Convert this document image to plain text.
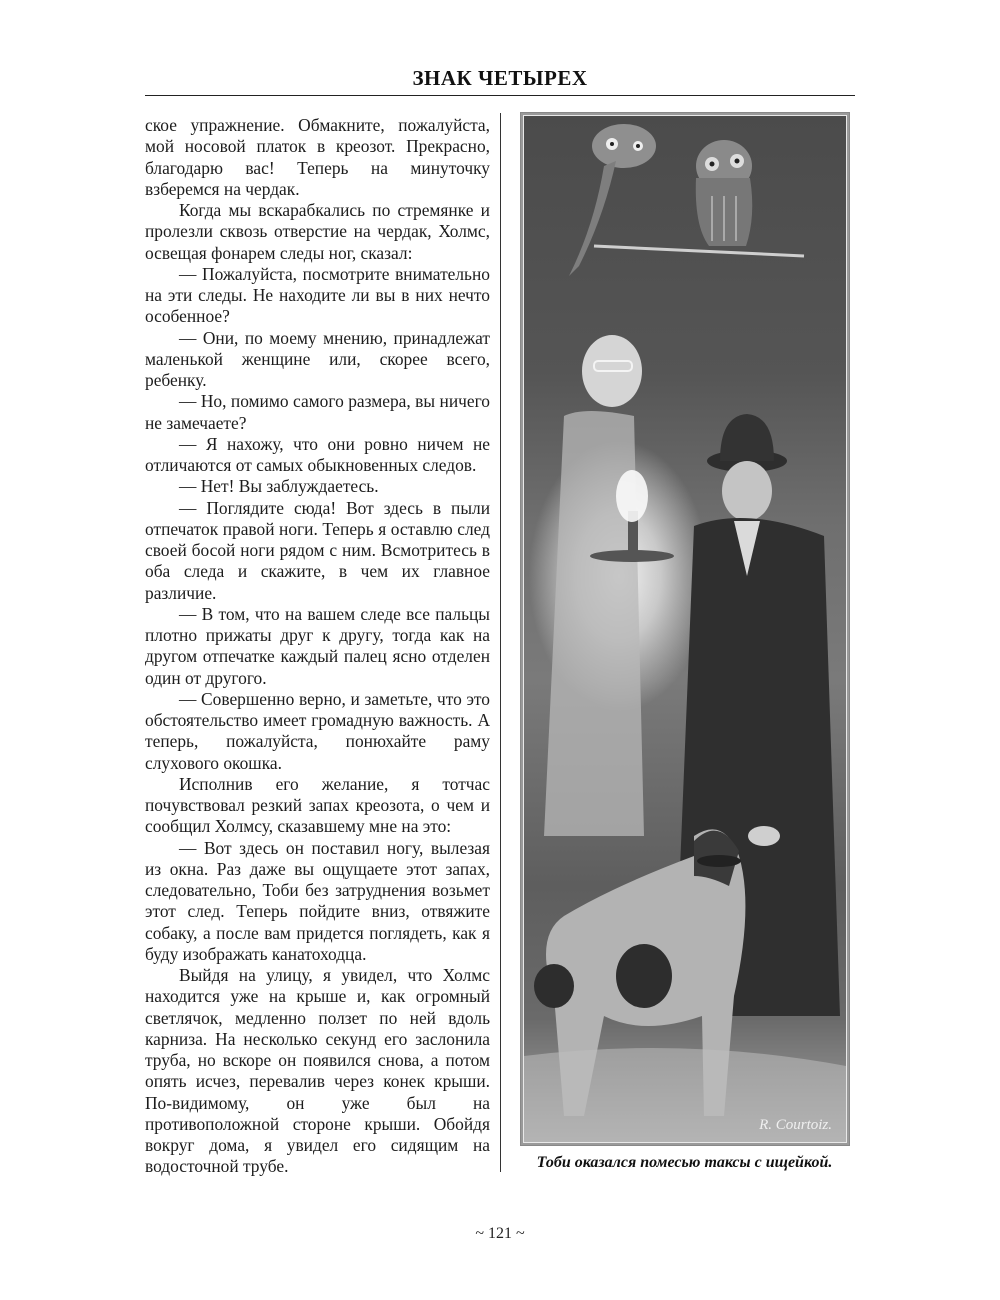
ЗНАК ЧЕТЫРЕХ

ское упражнение. Обмакните, пожалуйста, мой носовой платок в креозот. Прекрасно, благодарю вас! Теперь на минуточку взберемся на чердак.

Когда мы вскарабкались по стремянке и пролезли сквозь отверстие на чердак, Холмс, освещая фонарем следы ног, сказал:

— Пожалуйста, посмотрите внимательно на эти следы. Не находите ли вы в них нечто особенное?

— Они, по моему мнению, принадлежат маленькой женщине или, скорее всего, ребенку.

— Но, помимо самого размера, вы ничего не замечаете?

— Я нахожу, что они ровно ничем не отличаются от самых обыкновенных следов.

— Нет! Вы заблуждаетесь.

— Поглядите сюда! Вот здесь в пыли отпечаток правой ноги. Теперь я оставлю след своей босой ноги рядом с ним. Всмотритесь в оба следа и скажите, в чем их главное различие.

— В том, что на вашем следе все пальцы плотно прижаты друг к другу, тогда как на другом отпечатке каждый палец ясно отделен один от другого.

— Совершенно верно, и заметьте, что это обстоятельство имеет громадную важность. А теперь, пожалуйста, понюхайте раму слухового окошка.

Исполнив его желание, я тотчас почувствовал резкий запах креозота, о чем и сообщил Холмсу, сказавшему мне на это:

— Вот здесь он поставил ногу, вылезая из окна. Раз даже вы ощущаете этот запах, следовательно, Тоби без затруднения возьмет этот след. Теперь пойдите вниз, отвяжите собаку, а после вам придется поглядеть, как я буду изображать канатоходца.

Выйдя на улицу, я увидел, что Холмс находится уже на крыше и, как огромный светлячок, медленно ползет по ней вдоль карниза. На несколько секунд его заслонила труба, но вскоре он появился снова, а потом опять исчез, перевалив через конек крыши. По-видимому, он уже был на противоположной стороне крыши. Обойдя вокруг дома, я увидел его сидящим на водосточной трубе.

R. Courtoiz.
Тоби оказался помесью таксы с ищейкой.
~ 121 ~
